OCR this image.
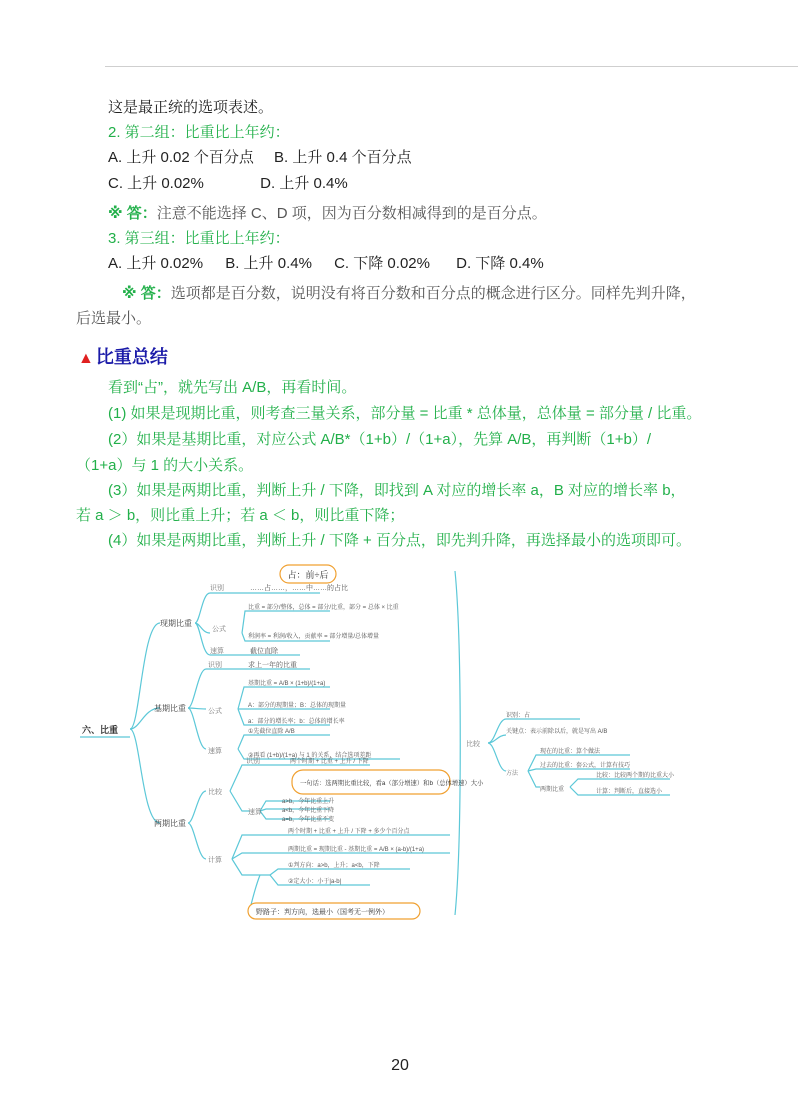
这是最正统的选项表述。
2. 第二组：比重比上年约：
A. 上升 0.02 个百分点 B. 上升 0.4 个百分点
C. 上升 0.02%	D. 上升 0.4%
※ 答：注意不能选择 C、D 项，因为百分数相减得到的是百分点。
3. 第三组：比重比上年约：
A. 上升 0.02% B. 上升 0.4% C. 下降 0.02% D. 下降 0.4%
※ 答：选项都是百分数，说明没有将百分数和百分点的概念进行区分。同样先判升降，
后选最小。
▲ 比重总结
看到“占”，就先写出 A/B，再看时间。
(1) 如果是现期比重，则考查三量关系，部分量 = 比重 * 总体量，总体量 = 部分量 / 比重。
(2）如果是基期比重，对应公式 A/B*（1+b）/（1+a），先算 A/B，再判断（1+b）/
（1+a）与 1 的大小关系。
(3）如果是两期比重，判断上升 / 下降，即找到 A 对应的增长率 a，B 对应的增长率 b，
若 a ＞ b，则比重上升；若 a ＜ b，则比重下降；
(4）如果是两期比重，判断上升 / 下降 + 百分点，即先判升降，再选择最小的选项即可。
占：前÷后
六、比重
现期比重
识别	……占……，……中……的占比
公式
比重 = 部分/整体，总体 = 部分/比重，部分 = 总体 × 比重
利润率 = 利润/收入，贡献率 = 部分增量/总体增量
速算	截位直除
基期比重
识别	求上一年的比重
公式
基期比重 = A/B × (1+b)/(1+a)
A：部分的现期量；B：总体的现期量
a：部分的增长率；b：总体的增长率
速算
①先截位直除 A/B
②再看 (1+b)/(1+a) 与 1 的关系，结合选项差距
两期比重
比较
识别	两个时期 + 比重 + 上升 / 下降
一句话：选两期比重比较，看a（部分增速）和b（总体增速）大小
速算
a>b，今年比重上升
a<b，今年比重下降
a=b，今年比重不变
计算
两个时期 + 比重 + 上升 / 下降 + 多少个百分点
两期比重 = 现期比重 - 基期比重 = A/B × (a-b)/(1+a)
①判方向：a>b，上升；a<b，下降
②定大小：小于|a-b|
野路子：判方向，选最小（国考无一例外）
比较
识别：占
关键点：表示前除以后，就是写出 A/B
方法
现在的比重：算个做法
过去的比重：套公式，计算有技巧
两期比重
比较：比较两个期的比重大小
计算：判断后，直接选小
20
